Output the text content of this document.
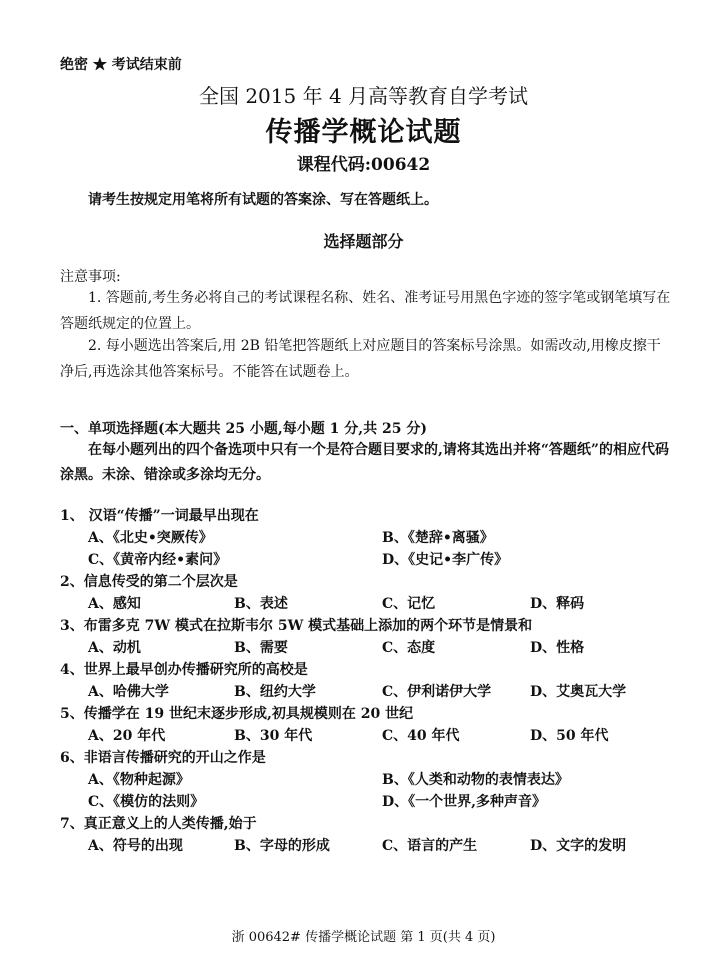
绝密 ★ 考试结束前
全国 2015 年 4 月高等教育自学考试
传播学概论试题
课程代码:00642
请考生按规定用笔将所有试题的答案涂、写在答题纸上。
选择题部分
注意事项:
1. 答题前,考生务必将自己的考试课程名称、姓名、准考证号用黑色字迹的签字笔或钢笔填写在答题纸规定的位置上。
2. 每小题选出答案后,用 2B 铅笔把答题纸上对应题目的答案标号涂黑。如需改动,用橡皮擦干净后,再选涂其他答案标号。不能答在试题卷上。
一、单项选择题(本大题共 25 小题,每小题 1 分,共 25 分)
在每小题列出的四个备选项中只有一个是符合题目要求的,请将其选出并将“答题纸”的相应代码涂黑。未涂、错涂或多涂均无分。
1、 汉语“传播”一词最早出现在
A、《北史•突厥传》	B、《楚辞•离骚》
C、《黄帝内经•素问》	D、《史记•李广传》
2、信息传受的第二个层次是
A、感知	B、表述	C、记忆	D、释码
3、布雷多克 7W 模式在拉斯韦尔 5W 模式基础上添加的两个环节是情景和
A、动机	B、需要	C、态度	D、性格
4、世界上最早创办传播研究所的高校是
A、哈佛大学	B、纽约大学	C、伊利诺伊大学	D、艾奥瓦大学
5、传播学在 19 世纪末逐步形成,初具规模则在 20 世纪
A、20 年代	B、30 年代	C、40 年代	D、50 年代
6、非语言传播研究的开山之作是
A、《物种起源》	B、《人类和动物的表情表达》
C、《模仿的法则》	D、《一个世界,多种声音》
7、真正意义上的人类传播,始于
A、符号的出现	B、字母的形成	C、语言的产生	D、文字的发明
浙 00642# 传播学概论试题 第 1 页(共 4 页)
